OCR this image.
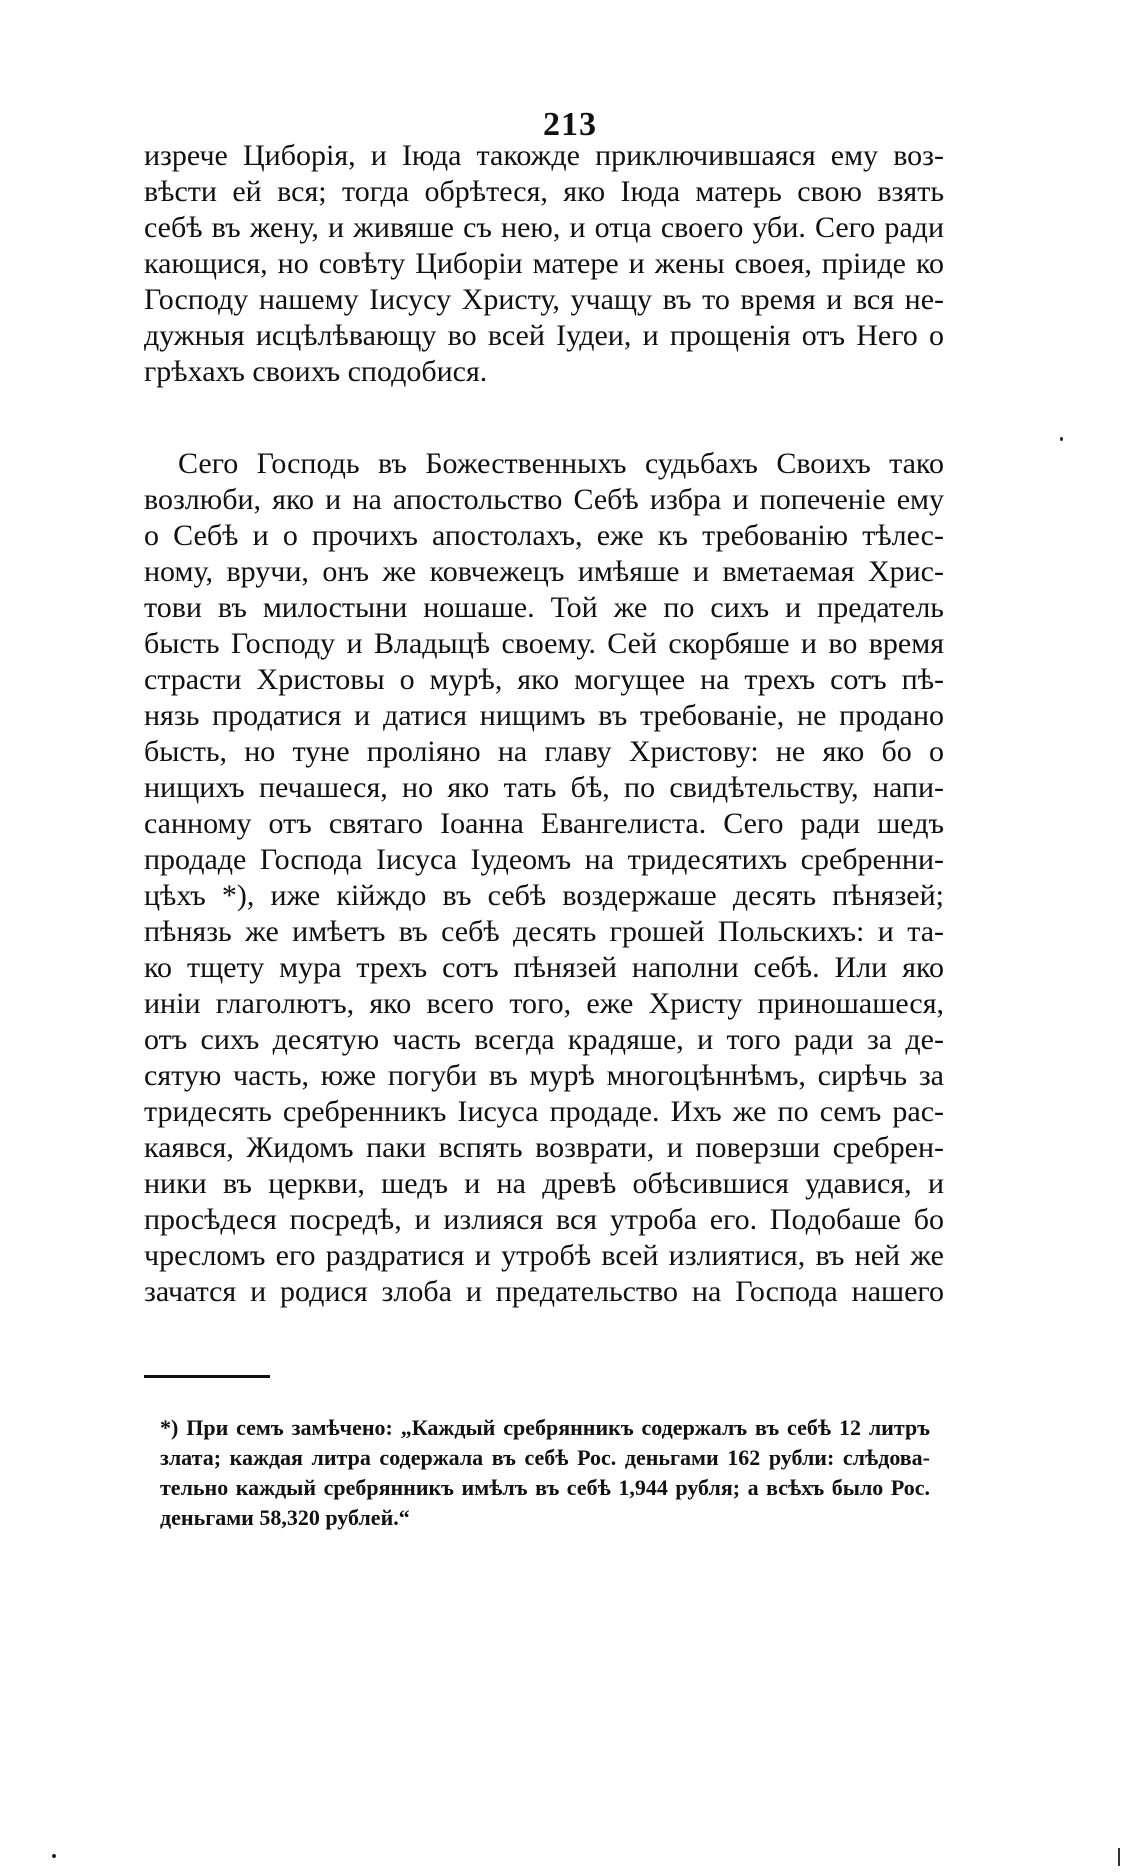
213
изрече Циборія, и Іюда такожде приключившаяся ему воз-
вѣсти ей вся; тогда обрѣтеся, яко Іюда матерь свою взять
себѣ въ жену, и живяше съ нею, и отца своего уби. Сего ради
кающися, но совѣту Циборіи матере и жены своея, пріиде ко
Господу нашему Іисусу Христу, учащу въ то время и вся не-
дужныя исцѣлѣвающу во всей Іудеи, и прощенія отъ Него о
грѣхахъ своихъ сподобися.
Сего Господь въ Божественныхъ судьбахъ Своихъ тако
возлюби, яко и на апостольство Себѣ избра и попеченіе ему
о Себѣ и о прочихъ апостолахъ, еже къ требованію тѣлес-
ному, вручи, онъ же ковчежецъ имѣяше и вметаемая Хрис-
тови въ милостыни ношаше. Той же по сихъ и предатель
бысть Господу и Владыцѣ своему. Сей скорбяше и во время
страсти Христовы о мурѣ, яко могущее на трехъ сотъ пѣ-
нязь продатися и датися нищимъ въ требованіе, не продано
бысть, но туне проліяно на главу Христову: не яко бо о
нищихъ печашеся, но яко тать бѣ, по свидѣтельству, напи-
санному отъ святаго Іоанна Евангелиста. Сего ради шедъ
продаде Господа Іисуса Іудеомъ на тридесятихъ сребренни-
цѣхъ *), иже кійждо въ себѣ воздержаше десять пѣнязей;
пѣнязь же имѣетъ въ себѣ десять грошей Польскихъ: и та-
ко тщету мура трехъ сотъ пѣнязей наполни себѣ. Или яко
иніи глаголютъ, яко всего того, еже Христу приношашеся,
отъ сихъ десятую часть всегда крадяше, и того ради за де-
сятую часть, юже погуби въ мурѣ многоцѣннѣмъ, сирѣчь за
тридесять сребренникъ Іисуса продаде. Ихъ же по семъ рас-
каявся, Жидомъ паки вспять возврати, и поверзши сребрен-
ники въ церкви, шедъ и на древѣ обѣсившися удавися, и
просѣдеся посредѣ, и излияся вся утроба его. Подобаше бо
чресломъ его раздратися и утробѣ всей излиятися, въ ней же
зачатся и родися злоба и предательство на Господа нашего
*) При семъ замѣчено: „Каждый сребрянникъ содержалъ въ себѣ 12 литръ
злата; каждая литра содержала въ себѣ Рос. деньгами 162 рубли: слѣдова-
тельно каждый сребрянникъ имѣлъ въ себѣ 1,944 рубля; а всѣхъ было Рос.
деньгами 58,320 рублей.“
